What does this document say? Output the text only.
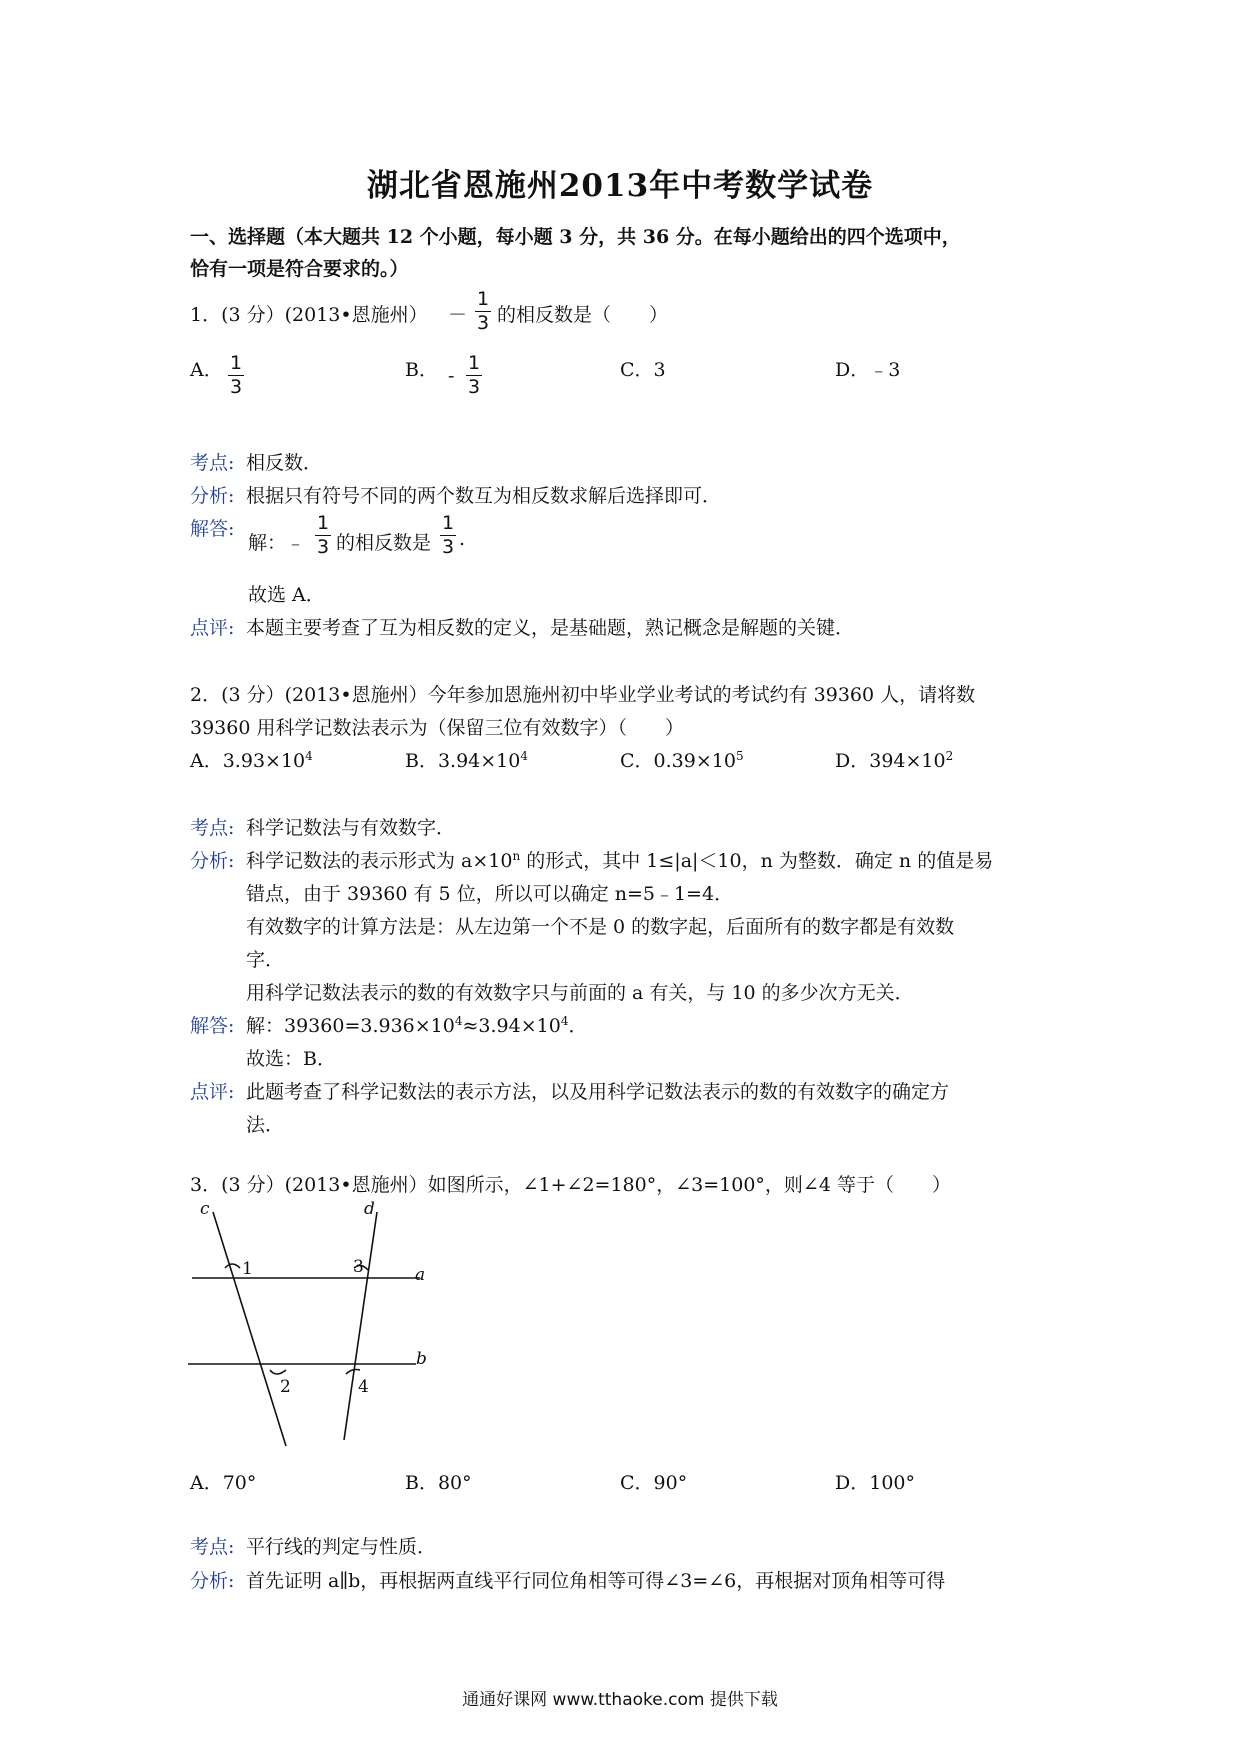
湖北省恩施州2013年中考数学试卷
一、选择题（本大题共 12 个小题，每小题 3 分，共 36 分。在每小题给出的四个选项中，
恰有一项是符合要求的。）
1．(3 分）(2013•恩施州） － $\frac{1}{3}$ 的相反数是（　　）
A． $\frac{1}{3}$	B． - $\frac{1}{3}$	C．3	D．﹣3
考点: 相反数．
分析: 根据只有符号不同的两个数互为相反数求解后选择即可．
解答:
解：﹣ $\frac{1}{3}$ 的相反数是 $\frac{1}{3}$ .
故选 A．
点评: 本题主要考查了互为相反数的定义，是基础题，熟记概念是解题的关键．
2．(3 分）(2013•恩施州）今年参加恩施州初中毕业学业考试的考试约有 39360 人，请将数
39360 用科学记数法表示为（保留三位有效数字）（　　）
A．$3.93\times 10^4$	B．$3.94\times 10^4$	C．$0.39\times 10^5$	D．$394\times 10^2$
考点: 科学记数法与有效数字．
分析: 科学记数法的表示形式为 $a\times 10^n$ 的形式，其中 1≤|a|＜10，n 为整数．确定 n 的值是易
错点，由于 39360 有 5 位，所以可以确定 n=5﹣1=4．
有效数字的计算方法是：从左边第一个不是 0 的数字起，后面所有的数字都是有效数
字．
用科学记数法表示的数的有效数字只与前面的 a 有关，与 10 的多少次方无关．
解答: 解：$39360=3.936\times 10^4\approx 3.94\times 10^4$．
故选：B．
点评: 此题考查了科学记数法的表示方法，以及用科学记数法表示的数的有效数字的确定方
法．
3．(3 分）(2013•恩施州）如图所示，∠1+∠2=180°，∠3=100°，则∠4 等于（　　）
c	d
a
b
1
2
3
4
A．70°	B．80°	C．90°	D．100°
考点: 平行线的判定与性质．
分析: 首先证明 a∥b，再根据两直线平行同位角相等可得∠3=∠6，再根据对顶角相等可得
通通好课网 www.tthaoke.com 提供下载
